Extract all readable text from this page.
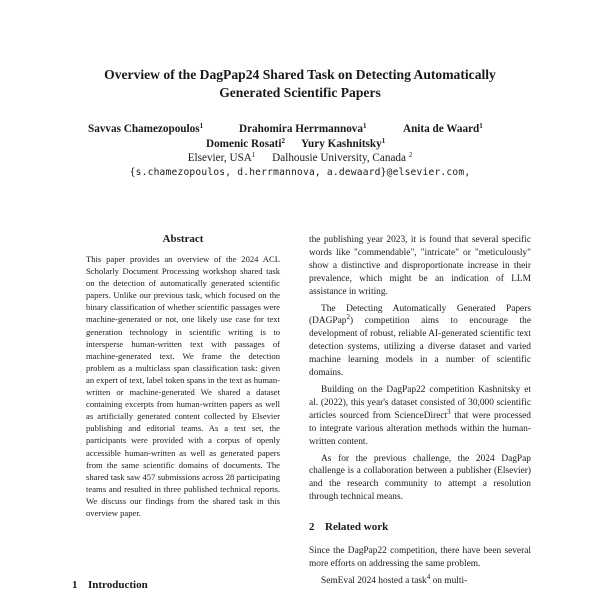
Overview of the DagPap24 Shared Task on Detecting Automatically
Generated Scientific Papers
Savvas Chamezopoulos$^1$	Drahomira Herrmannova$^1$	Anita de Waard$^1$
Domenic Rosati$^2$ Yury Kashnitsky$^1$
Elsevier, USA$^1$ Dalhousie University, Canada $^2$
{s.chamezopoulos, d.herrmannova, a.dewaard}@elsevier.com,
Abstract
This paper provides an overview of the 2024 ACL Scholarly Document Processing workshop shared task on the detection of automatically generated scientific papers. Unlike our previous task, which focused on the binary classification of whether scientific passages were machine-generated or not, one likely use case for text generation technology in scientific writing is to intersperse human-written text with passages of machine-generated text. We frame the detection problem as a multiclass span classification task: given an expert of text, label token spans in the text as human-written or machine-generated We shared a dataset containing excerpts from human-written papers as well as artificially generated content collected by Elsevier publishing and editorial teams. As a test set, the participants were provided with a corpus of openly accessible human-written as well as generated papers from the same scientific domains of documents. The shared task saw 457 submissions across 28 participating teams and resulted in three published technical reports. We discuss our findings from the shared task in this overview paper.
1 Introduction

the publishing year 2023, it is found that several specific words like "commendable", "intricate" or "meticulously" show a distinctive and disproportionate increase in their prevalence, which might be an indication of LLM assistance in writing.

The Detecting Automatically Generated Papers (DAGPap$^2$) competition aims to encourage the development of robust, reliable AI-generated scientific text detection systems, utilizing a diverse dataset and varied machine learning models in a number of scientific domains.

Building on the DagPap22 competition Kashnitsky et al. (2022), this year's dataset consisted of 30,000 scientific articles sourced from ScienceDirect$^3$ that were processed to integrate various alteration methods within the human-written content.

As for the previous challenge, the 2024 DagPap challenge is a collaboration between a publisher (Elsevier) and the research community to attempt a resolution through technical means.

2 Related work

Since the DagPap22 competition, there have been several more efforts on addressing the same problem.

SemEval 2024 hosted a task$^4$ on multi-
